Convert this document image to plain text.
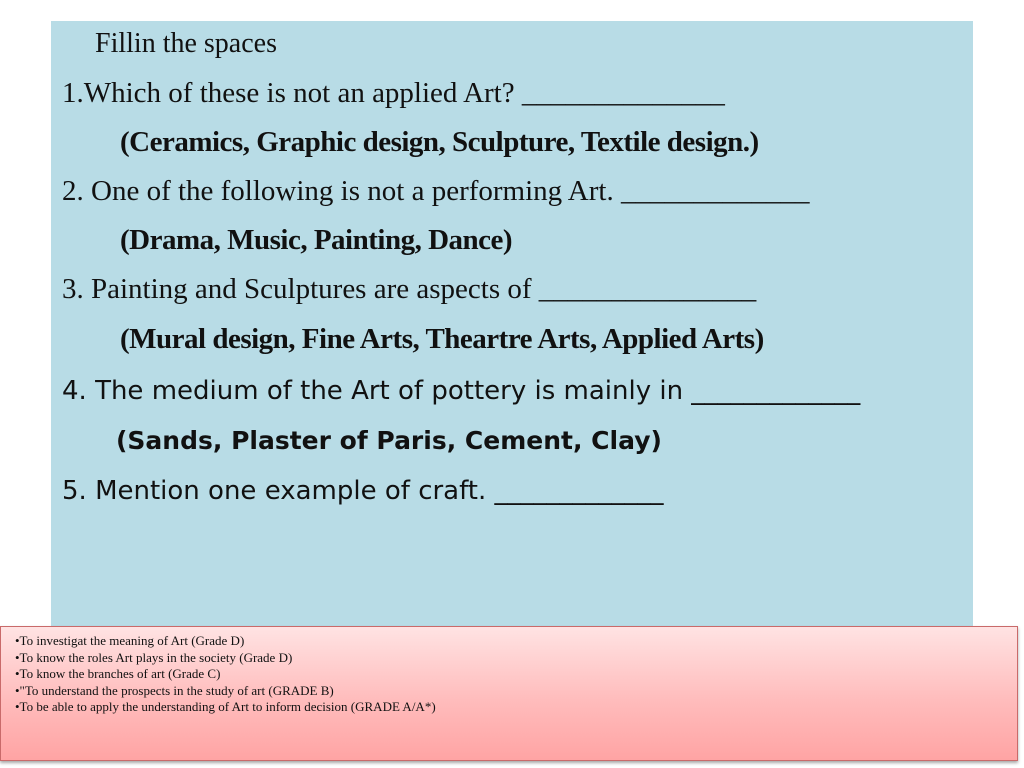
Fillin the spaces
1.Which of these is not an applied Art? ______________
(Ceramics, Graphic design, Sculpture, Textile design.)
2. One of the following is not a performing Art. _____________
(Drama, Music, Painting, Dance)
3. Painting and Sculptures are aspects of _______________
(Mural design, Fine Arts, Theartre Arts, Applied Arts)
4. The medium of the Art of pottery is mainly in _____________
(Sands, Plaster of Paris, Cement, Clay)
5. Mention one example of craft. _____________
•To investigat the meaning of Art (Grade D)
•To know the roles Art plays in the society (Grade D)
•To know the branches of art (Grade C)
•"To understand the prospects in the study of art (GRADE B)
•To be able to apply the understanding of Art to inform decision (GRADE A/A*)
